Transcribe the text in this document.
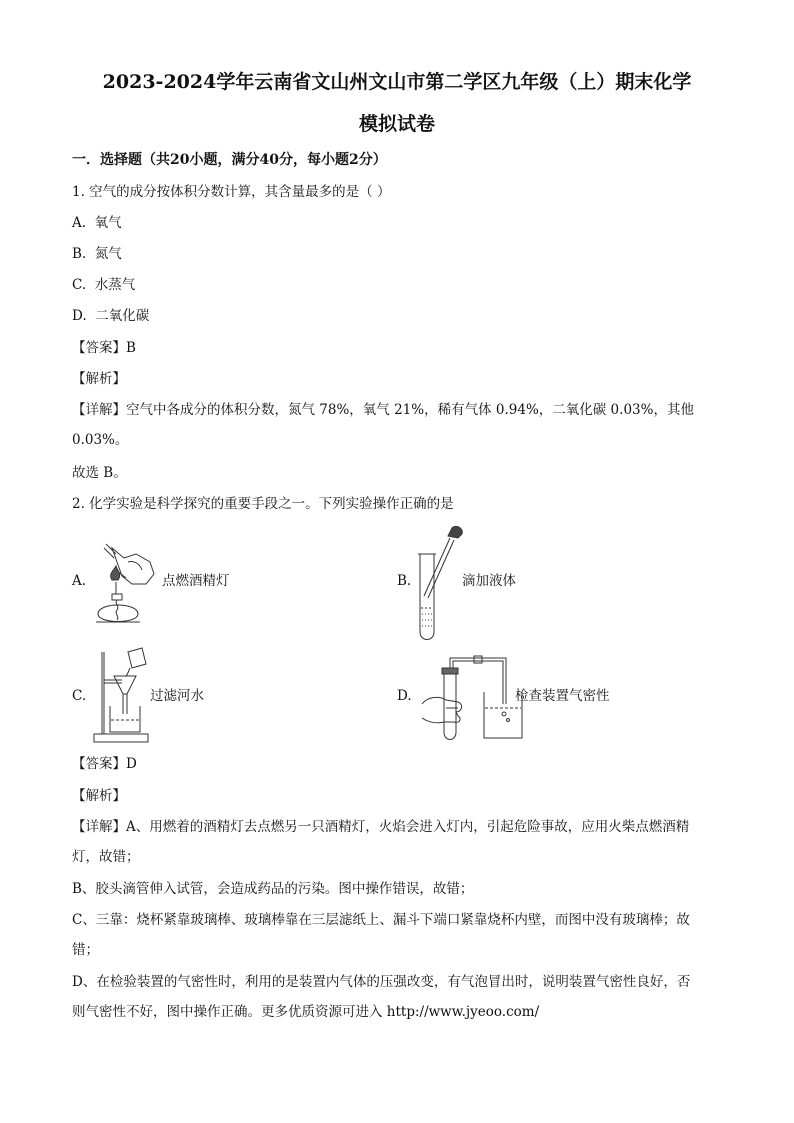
2023-2024学年云南省文山州文山市第二学区九年级（上）期末化学
模拟试卷
一．选择题（共20小题，满分40分，每小题2分）
1. 空气的成分按体积分数计算，其含量最多的是（ ）
A. 氧气
B. 氮气
C. 水蒸气
D. 二氧化碳
【答案】B
【解析】
【详解】空气中各成分的体积分数，氮气 78%，氧气 21%，稀有气体 0.94%，二氧化碳 0.03%，其他
0.03%。
故选 B。
2. 化学实验是科学探究的重要手段之一。下列实验操作正确的是
A.	点燃酒精灯	B.	滴加液体
C.	过滤河水	D.	检查装置气密性
【答案】D
【解析】
【详解】A、用燃着的酒精灯去点燃另一只酒精灯，火焰会进入灯内，引起危险事故，应用火柴点燃酒精
灯，故错；
B、胶头滴管伸入试管，会造成药品的污染。图中操作错误，故错；
C、三靠：烧杯紧靠玻璃棒、玻璃棒靠在三层滤纸上、漏斗下端口紧靠烧杯内壁，而图中没有玻璃棒；故
错；
D、在检验装置的气密性时，利用的是装置内气体的压强改变，有气泡冒出时，说明装置气密性良好，否
则气密性不好，图中操作正确。更多优质资源可进入 http://www.jyeoo.com/
